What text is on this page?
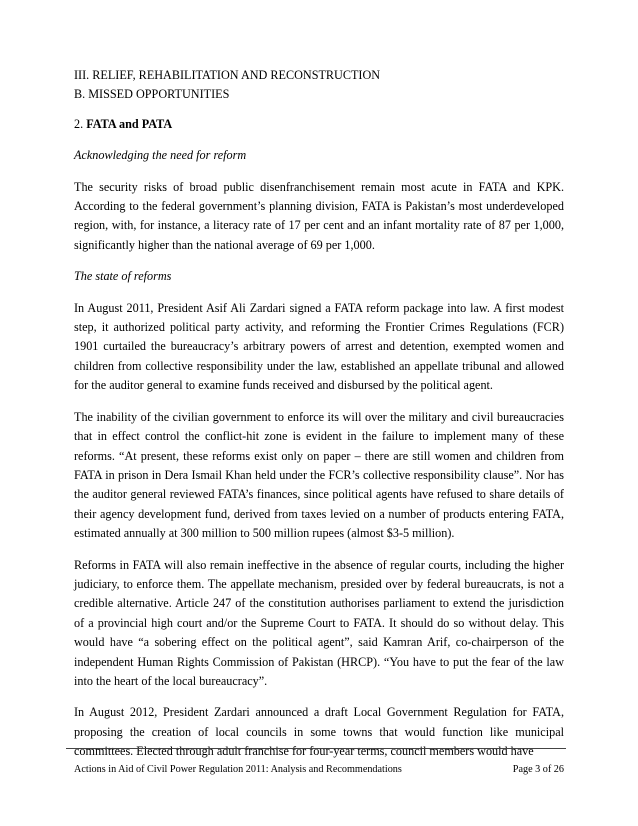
III. RELIEF, REHABILITATION AND RECONSTRUCTION

B. MISSED OPPORTUNITIES

2. FATA and PATA

Acknowledging the need for reform

The security risks of broad public disenfranchisement remain most acute in FATA and KPK. According to the federal government’s planning division, FATA is Pakistan’s most underdeveloped region, with, for instance, a literacy rate of 17 per cent and an infant mortality rate of 87 per 1,000, significantly higher than the national average of 69 per 1,000.

The state of reforms

In August 2011, President Asif Ali Zardari signed a FATA reform package into law. A first modest step, it authorized political party activity, and reforming the Frontier Crimes Regulations (FCR) 1901 curtailed the bureaucracy’s arbitrary powers of arrest and detention, exempted women and children from collective responsibility under the law, established an appellate tribunal and allowed for the auditor general to examine funds received and disbursed by the political agent.

The inability of the civilian government to enforce its will over the military and civil bureaucracies that in effect control the conflict-hit zone is evident in the failure to implement many of these reforms. “At present, these reforms exist only on paper – there are still women and children from FATA in prison in Dera Ismail Khan held under the FCR’s collective responsibility clause”. Nor has the auditor general reviewed FATA’s finances, since political agents have refused to share details of their agency development fund, derived from taxes levied on a number of products entering FATA, estimated annually at 300 million to 500 million rupees (almost $3-5 million).

Reforms in FATA will also remain ineffective in the absence of regular courts, including the higher judiciary, to enforce them. The appellate mechanism, presided over by federal bureaucrats, is not a credible alternative. Article 247 of the constitution authorises parliament to extend the jurisdiction of a provincial high court and/or the Supreme Court to FATA. It should do so without delay. This would have “a sobering effect on the political agent”, said Kamran Arif, co-chairperson of the independent Human Rights Commission of Pakistan (HRCP). “You have to put the fear of the law into the heart of the local bureaucracy”.

In August 2012, President Zardari announced a draft Local Government Regulation for FATA, proposing the creation of local councils in some towns that would function like municipal committees. Elected through adult franchise for four-year terms, council members would have

Actions in Aid of Civil Power Regulation 2011: Analysis and Recommendations	Page 3 of 26
